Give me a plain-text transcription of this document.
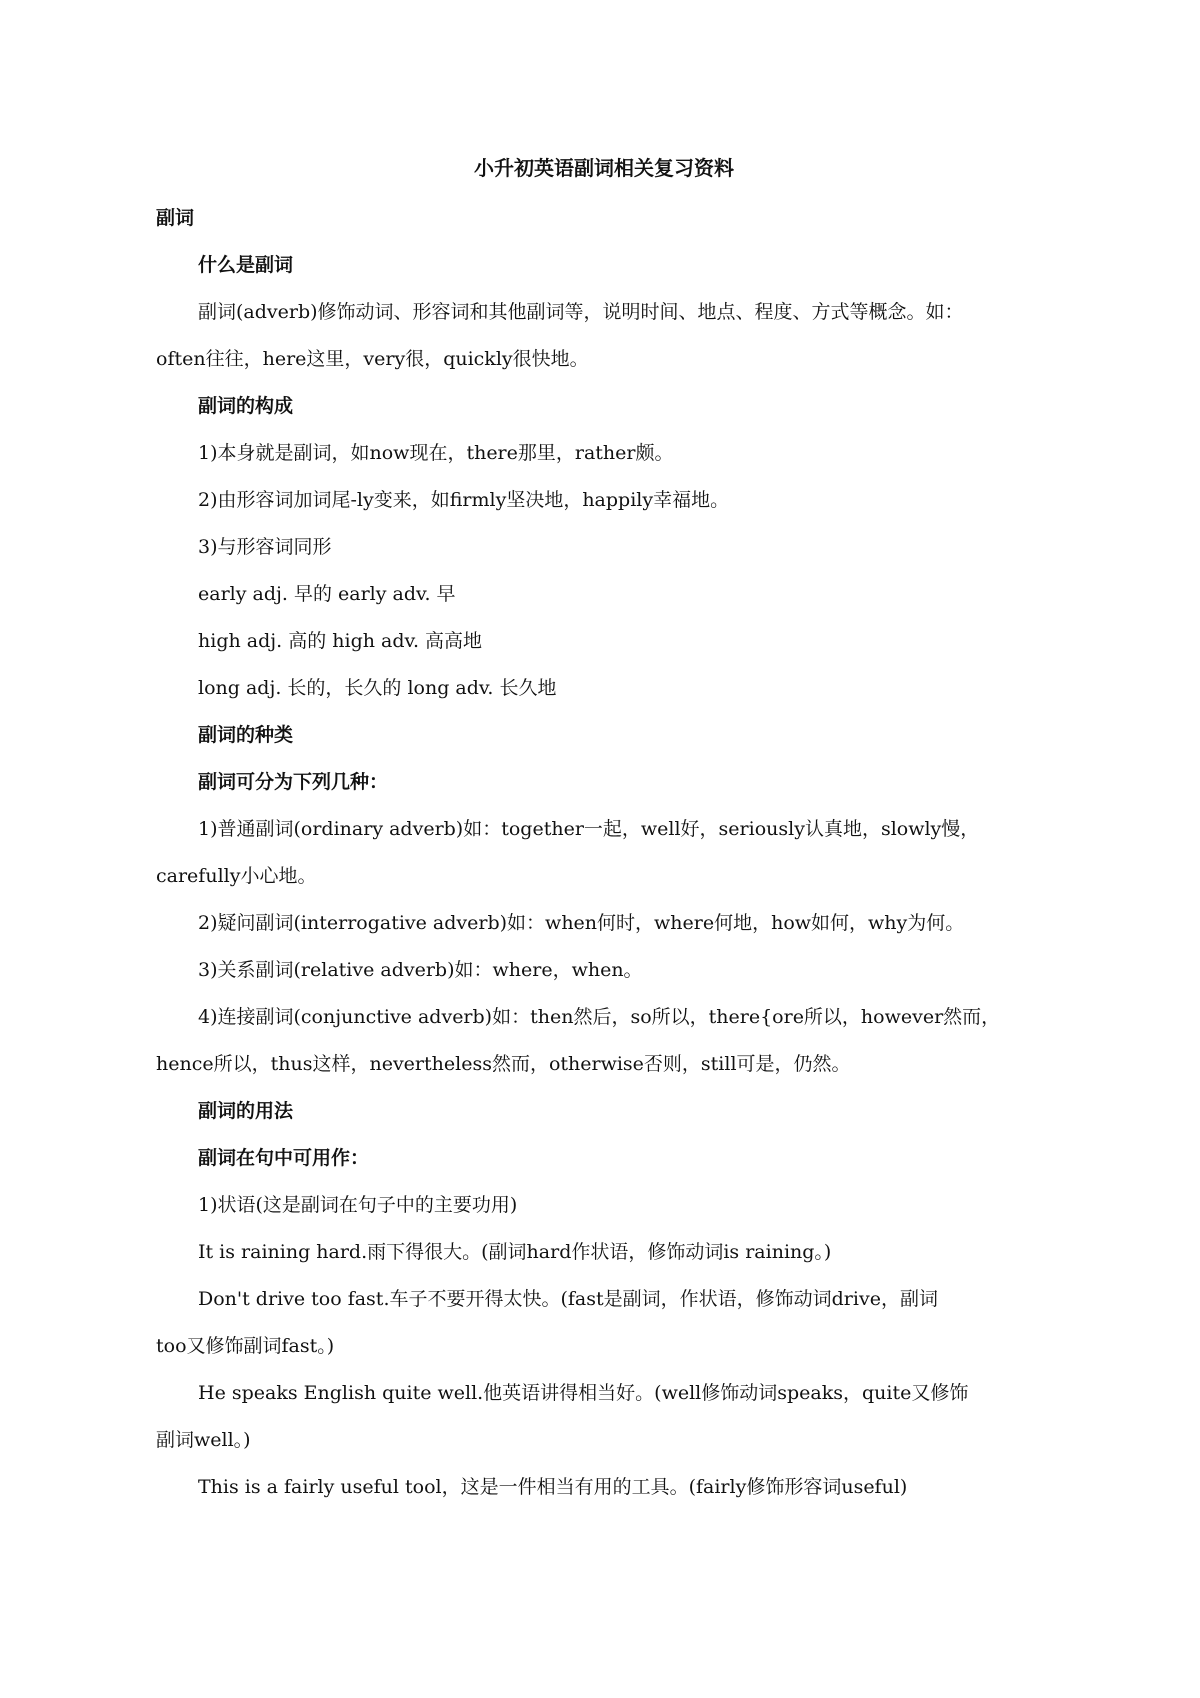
小升初英语副词相关复习资料

副词

什么是副词

副词(adverb)修饰动词、形容词和其他副词等，说明时间、地点、程度、方式等概念。如：

often往往，here这里，very很，quickly很快地。

副词的构成

1)本身就是副词，如now现在，there那里，rather颇。

2)由形容词加词尾-ly变来，如firmly坚决地，happily幸福地。

3)与形容词同形

early adj. 早的 early adv. 早

high adj. 高的 high adv. 高高地

long adj. 长的，长久的 long adv. 长久地

副词的种类

副词可分为下列几种：

1)普通副词(ordinary adverb)如：together一起，well好，seriously认真地，slowly慢，

carefully小心地。

2)疑问副词(interrogative adverb)如：when何时，where何地，how如何，why为何。

3)关系副词(relative adverb)如：where，when。

4)连接副词(conjunctive adverb)如：then然后，so所以，there{ore所以，however然而，

hence所以，thus这样，nevertheless然而，otherwise否则，still可是，仍然。

副词的用法

副词在句中可用作：

1)状语(这是副词在句子中的主要功用)

It is raining hard.雨下得很大。(副词hard作状语，修饰动词is raining。)

Don't drive too fast.车子不要开得太快。(fast是副词，作状语，修饰动词drive，副词

too又修饰副词fast。)

He speaks English quite well.他英语讲得相当好。(well修饰动词speaks，quite又修饰

副词well。)

This is a fairly useful tool，这是一件相当有用的工具。(fairly修饰形容词useful)
